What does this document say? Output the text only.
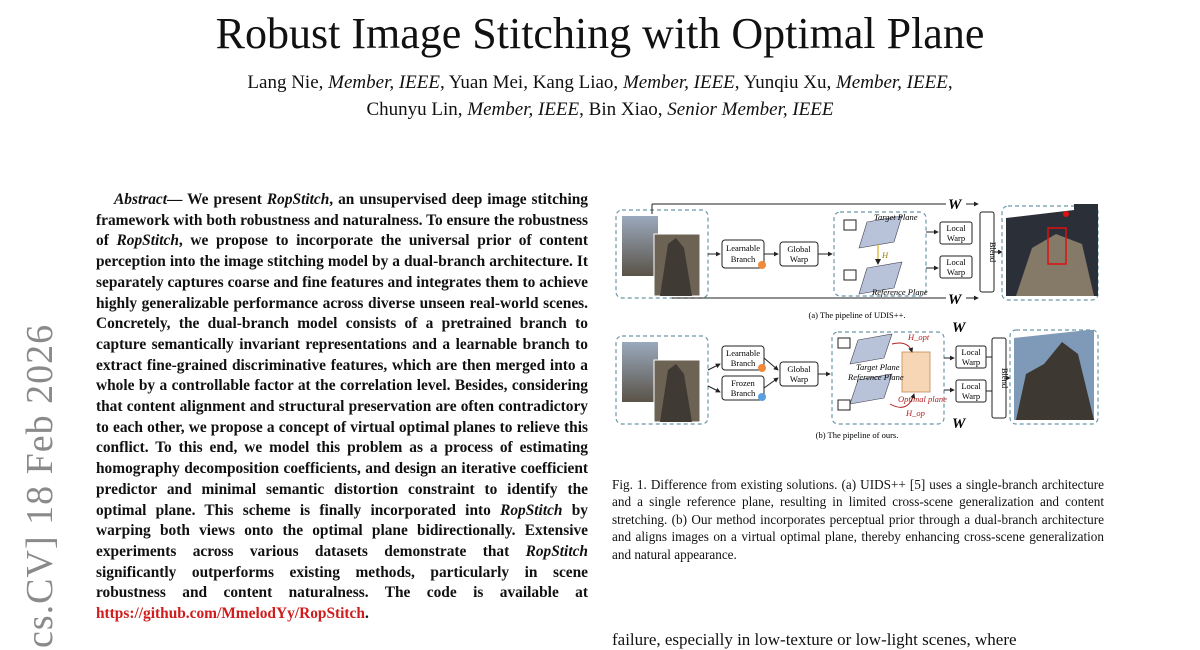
cs.CV] 18 Feb 2026
Robust Image Stitching with Optimal Plane
Lang Nie, Member, IEEE, Yuan Mei, Kang Liao, Member, IEEE, Yunqiu Xu, Member, IEEE,
Chunyu Lin, Member, IEEE, Bin Xiao, Senior Member, IEEE

Abstract— We present RopStitch, an unsupervised deep image stitching framework with both robustness and naturalness. To ensure the robustness of RopStitch, we propose to incorporate the universal prior of content perception into the image stitching model by a dual-branch architecture. It separately captures coarse and fine features and integrates them to achieve highly generalizable performance across diverse unseen real-world scenes. Concretely, the dual-branch model consists of a pretrained branch to capture semantically invariant representations and a learnable branch to extract fine-grained discriminative features, which are then merged into a whole by a controllable factor at the correlation level. Besides, considering that content alignment and structural preservation are often contradictory to each other, we propose a concept of virtual optimal planes to relieve this conflict. To this end, we model this problem as a process of estimating homography decomposition coefficients, and design an iterative coefficient predictor and minimal semantic distortion constraint to identify the optimal plane. This scheme is finally incorporated into RopStitch by warping both views onto the optimal plane bidirectionally. Extensive experiments across various datasets demonstrate that RopStitch significantly outperforms existing methods, particularly in scene robustness and content naturalness. The code is available at https://github.com/MmelodYy/RopStitch.

Learnable
Branch
Global
Warp
Target Plane
Reference Plane
H
Local
Warp
Local
Warp
W
W
Blend
(a) The pipeline of UDIS++.
Learnable
Branch
Frozen
Branch
Global
Warp
Target Plane
Reference Plane
Optimal plane
H_opt
H_op
Local
Warp
Local
Warp
W
W
Blend
(b) The pipeline of ours.

Fig. 1. Difference from existing solutions. (a) UIDS++ [5] uses a single-branch architecture and a single reference plane, resulting in limited cross-scene generalization and content stretching. (b) Our method incorporates perceptual prior through a dual-branch architecture and aligns images on a virtual optimal plane, thereby enhancing cross-scene generalization and natural appearance.

failure, especially in low-texture or low-light scenes, where
